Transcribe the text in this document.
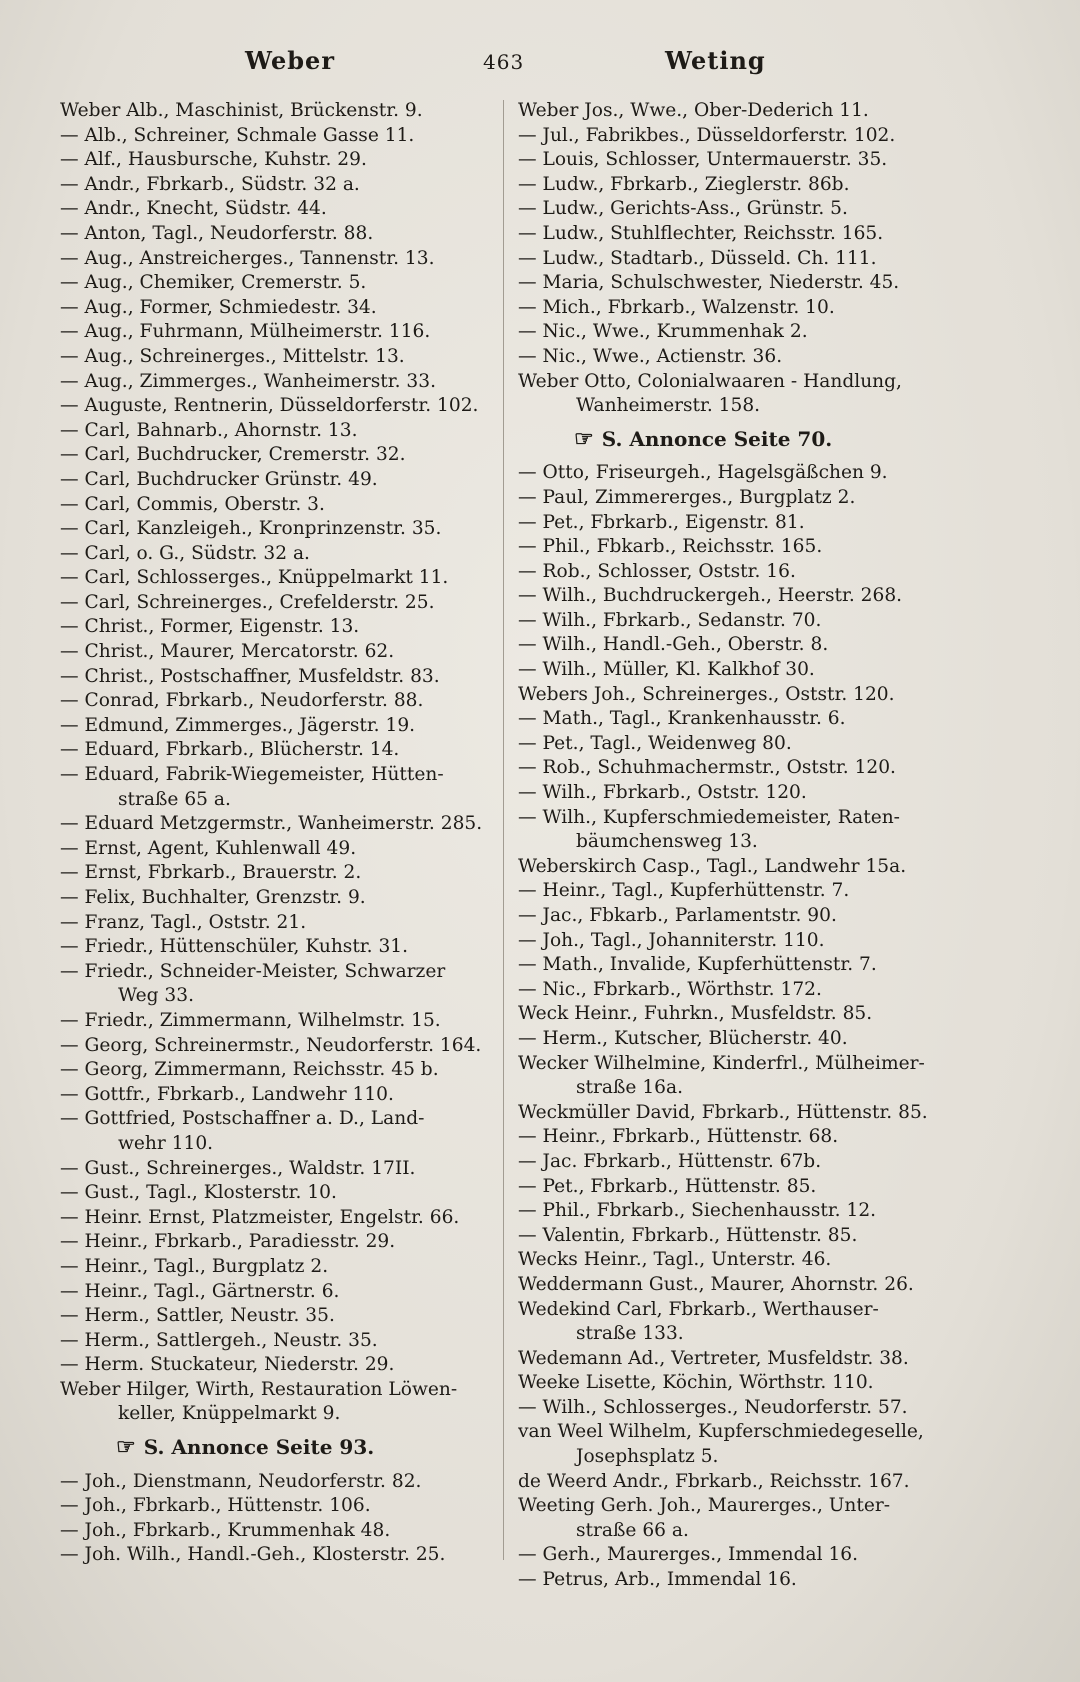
Weber	463	Weting
Weber Alb., Maschinist, Brückenstr. 9.
— Alb., Schreiner, Schmale Gasse 11.
— Alf., Hausbursche, Kuhstr. 29.
— Andr., Fbrkarb., Südstr. 32 a.
— Andr., Knecht, Südstr. 44.
— Anton, Tagl., Neudorferstr. 88.
— Aug., Anstreicherges., Tannenstr. 13.
— Aug., Chemiker, Cremerstr. 5.
— Aug., Former, Schmiedestr. 34.
— Aug., Fuhrmann, Mülheimerstr. 116.
— Aug., Schreinerges., Mittelstr. 13.
— Aug., Zimmerges., Wanheimerstr. 33.
— Auguste, Rentnerin, Düsseldorferstr. 102.
— Carl, Bahnarb., Ahornstr. 13.
— Carl, Buchdrucker, Cremerstr. 32.
— Carl, Buchdrucker Grünstr. 49.
— Carl, Commis, Oberstr. 3.
— Carl, Kanzleigeh., Kronprinzenstr. 35.
— Carl, o. G., Südstr. 32 a.
— Carl, Schlosserges., Knüppelmarkt 11.
— Carl, Schreinerges., Crefelderstr. 25.
— Christ., Former, Eigenstr. 13.
— Christ., Maurer, Mercatorstr. 62.
— Christ., Postschaffner, Musfeldstr. 83.
— Conrad, Fbrkarb., Neudorferstr. 88.
— Edmund, Zimmerges., Jägerstr. 19.
— Eduard, Fbrkarb., Blücherstr. 14.
— Eduard, Fabrik-Wiegemeister, Hütten-
straße 65 a.
— Eduard Metzgermstr., Wanheimerstr. 285.
— Ernst, Agent, Kuhlenwall 49.
— Ernst, Fbrkarb., Brauerstr. 2.
— Felix, Buchhalter, Grenzstr. 9.
— Franz, Tagl., Oststr. 21.
— Friedr., Hüttenschüler, Kuhstr. 31.
— Friedr., Schneider-Meister, Schwarzer
Weg 33.
— Friedr., Zimmermann, Wilhelmstr. 15.
— Georg, Schreinermstr., Neudorferstr. 164.
— Georg, Zimmermann, Reichsstr. 45 b.
— Gottfr., Fbrkarb., Landwehr 110.
— Gottfried, Postschaffner a. D., Land-
wehr 110.
— Gust., Schreinerges., Waldstr. 17II.
— Gust., Tagl., Klosterstr. 10.
— Heinr. Ernst, Platzmeister, Engelstr. 66.
— Heinr., Fbrkarb., Paradiesstr. 29.
— Heinr., Tagl., Burgplatz 2.
— Heinr., Tagl., Gärtnerstr. 6.
— Herm., Sattler, Neustr. 35.
— Herm., Sattlergeh., Neustr. 35.
— Herm. Stuckateur, Niederstr. 29.
Weber Hilger, Wirth, Restauration Löwen-
keller, Knüppelmarkt 9.
☞ S. Annonce Seite 93.
— Joh., Dienstmann, Neudorferstr. 82.
— Joh., Fbrkarb., Hüttenstr. 106.
— Joh., Fbrkarb., Krummenhak 48.
— Joh. Wilh., Handl.-Geh., Klosterstr. 25.
Weber Jos., Wwe., Ober-Dederich 11.
— Jul., Fabrikbes., Düsseldorferstr. 102.
— Louis, Schlosser, Untermauerstr. 35.
— Ludw., Fbrkarb., Zieglerstr. 86b.
— Ludw., Gerichts-Ass., Grünstr. 5.
— Ludw., Stuhlflechter, Reichsstr. 165.
— Ludw., Stadtarb., Düsseld. Ch. 111.
— Maria, Schulschwester, Niederstr. 45.
— Mich., Fbrkarb., Walzenstr. 10.
— Nic., Wwe., Krummenhak 2.
— Nic., Wwe., Actienstr. 36.
Weber Otto, Colonialwaaren - Handlung,
Wanheimerstr. 158.
☞ S. Annonce Seite 70.
— Otto, Friseurgeh., Hagelsgäßchen 9.
— Paul, Zimmererges., Burgplatz 2.
— Pet., Fbrkarb., Eigenstr. 81.
— Phil., Fbkarb., Reichsstr. 165.
— Rob., Schlosser, Oststr. 16.
— Wilh., Buchdruckergeh., Heerstr. 268.
— Wilh., Fbrkarb., Sedanstr. 70.
— Wilh., Handl.-Geh., Oberstr. 8.
— Wilh., Müller, Kl. Kalkhof 30.
Webers Joh., Schreinerges., Oststr. 120.
— Math., Tagl., Krankenhausstr. 6.
— Pet., Tagl., Weidenweg 80.
— Rob., Schuhmachermstr., Oststr. 120.
— Wilh., Fbrkarb., Oststr. 120.
— Wilh., Kupferschmiedemeister, Raten-
bäumchensweg 13.
Weberskirch Casp., Tagl., Landwehr 15a.
— Heinr., Tagl., Kupferhüttenstr. 7.
— Jac., Fbkarb., Parlamentstr. 90.
— Joh., Tagl., Johanniterstr. 110.
— Math., Invalide, Kupferhüttenstr. 7.
— Nic., Fbrkarb., Wörthstr. 172.
Weck Heinr., Fuhrkn., Musfeldstr. 85.
— Herm., Kutscher, Blücherstr. 40.
Wecker Wilhelmine, Kinderfrl., Mülheimer-
straße 16a.
Weckmüller David, Fbrkarb., Hüttenstr. 85.
— Heinr., Fbrkarb., Hüttenstr. 68.
— Jac. Fbrkarb., Hüttenstr. 67b.
— Pet., Fbrkarb., Hüttenstr. 85.
— Phil., Fbrkarb., Siechenhausstr. 12.
— Valentin, Fbrkarb., Hüttenstr. 85.
Wecks Heinr., Tagl., Unterstr. 46.
Weddermann Gust., Maurer, Ahornstr. 26.
Wedekind Carl, Fbrkarb., Werthauser-
straße 133.
Wedemann Ad., Vertreter, Musfeldstr. 38.
Weeke Lisette, Köchin, Wörthstr. 110.
— Wilh., Schlosserges., Neudorferstr. 57.
van Weel Wilhelm, Kupferschmiedegeselle,
Josephsplatz 5.
de Weerd Andr., Fbrkarb., Reichsstr. 167.
Weeting Gerh. Joh., Maurerges., Unter-
straße 66 a.
— Gerh., Maurerges., Immendal 16.
— Petrus, Arb., Immendal 16.
